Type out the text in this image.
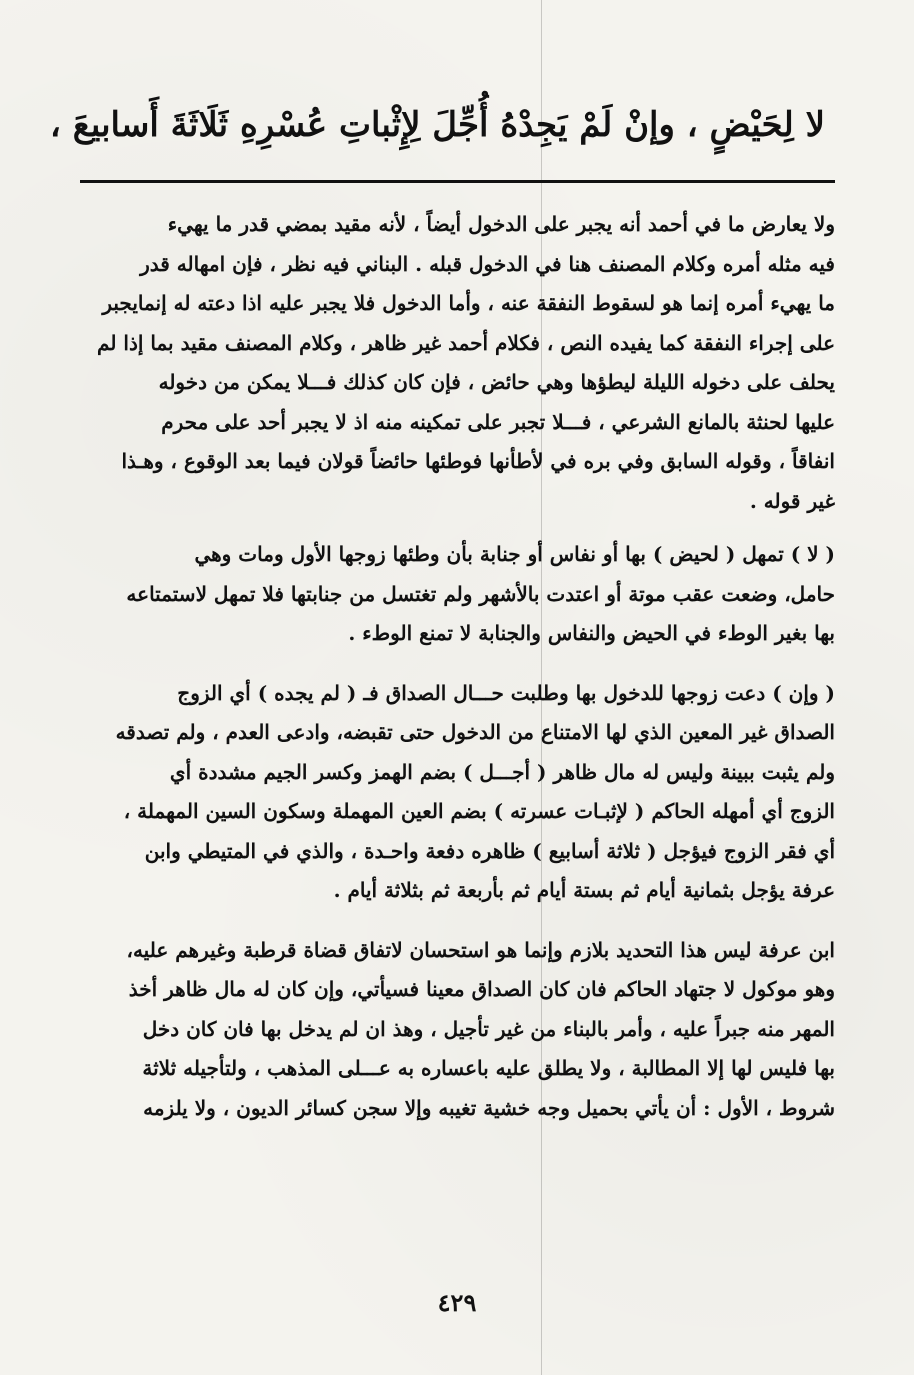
لا لِحَيْضٍ ، وإنْ لَمْ يَجِدْهُ أُجِّلَ لِإِثْباتِ عُسْرِهِ ثَلَاثَةَ أَسابيعَ ،
ولا يعارض ما في أحمد أنه يجبر على الدخول أيضاً ، لأنه مقيد بمضي قدر ما يهيء
فيه مثله أمره وكلام المصنف هنا في الدخول قبله . البناني فيه نظر ، فإن امهاله قدر
ما يهيء أمره إنما هو لسقوط النفقة عنه ، وأما الدخول فلا يجبر عليه اذا دعته له إنمايجبر
على إجراء النفقة كما يفيده النص ، فكلام أحمد غير ظاهر ، وكلام المصنف مقيد بما إذا لم
يحلف على دخوله الليلة ليطؤها وهي حائض ، فإن كان كذلك فـــلا يمكن من دخوله
عليها لحنثة بالمانع الشرعي ، فـــلا تجبر على تمكينه منه اذ لا يجبر أحد على محرم
انفاقاً ، وقوله السابق وفي بره في لأطأنها فوطئها حائضاً قولان فيما بعد الوقوع ، وهـذا
غير قوله .
( لا ) تمهل ( لحيض ) بها أو نفاس أو جنابة بأن وطئها زوجها الأول ومات وهي
حامل، وضعت عقب موتة أو اعتدت بالأشهر ولم تغتسل من جنابتها فلا تمهل لاستمتاعه
بها بغير الوطء في الحيض والنفاس والجنابة لا تمنع الوطء .
( وإن ) دعت زوجها للدخول بها وطلبت حـــال الصداق فـ ( لم يجده ) أي الزوج
الصداق غير المعين الذي لها الامتناع من الدخول حتى تقبضه، وادعى العدم ، ولم تصدقه
ولم يثبت ببينة وليس له مال ظاهر ( أجـــل ) بضم الهمز وكسر الجيم مشددة أي
الزوج أي أمهله الحاكم ( لإثبـات عسرته ) بضم العين المهملة وسكون السين المهملة ،
أي فقر الزوج فيؤجل ( ثلاثة أسابيع ) ظاهره دفعة واحـدة ، والذي في المتيطي وابن
عرفة يؤجل بثمانية أيام ثم بستة أيام ثم بأربعة ثم بثلاثة أيام .
ابن عرفة ليس هذا التحديد بلازم وإنما هو استحسان لاتفاق قضاة قرطبة وغيرهم عليه،
وهو موكول لا جتهاد الحاكم فان كان الصداق معينا فسيأتي، وإن كان له مال ظاهر أخذ
المهر منه جبراً عليه ، وأمر بالبناء من غير تأجيل ، وهذ ان لم يدخل بها فان كان دخل
بها فليس لها إلا المطالبة ، ولا يطلق عليه باعساره به عـــلى المذهب ، ولتأجيله ثلاثة
شروط ، الأول : أن يأتي بحميل وجه خشية تغيبه وإلا سجن كسائر الديون ، ولا يلزمه
٤٢٩
